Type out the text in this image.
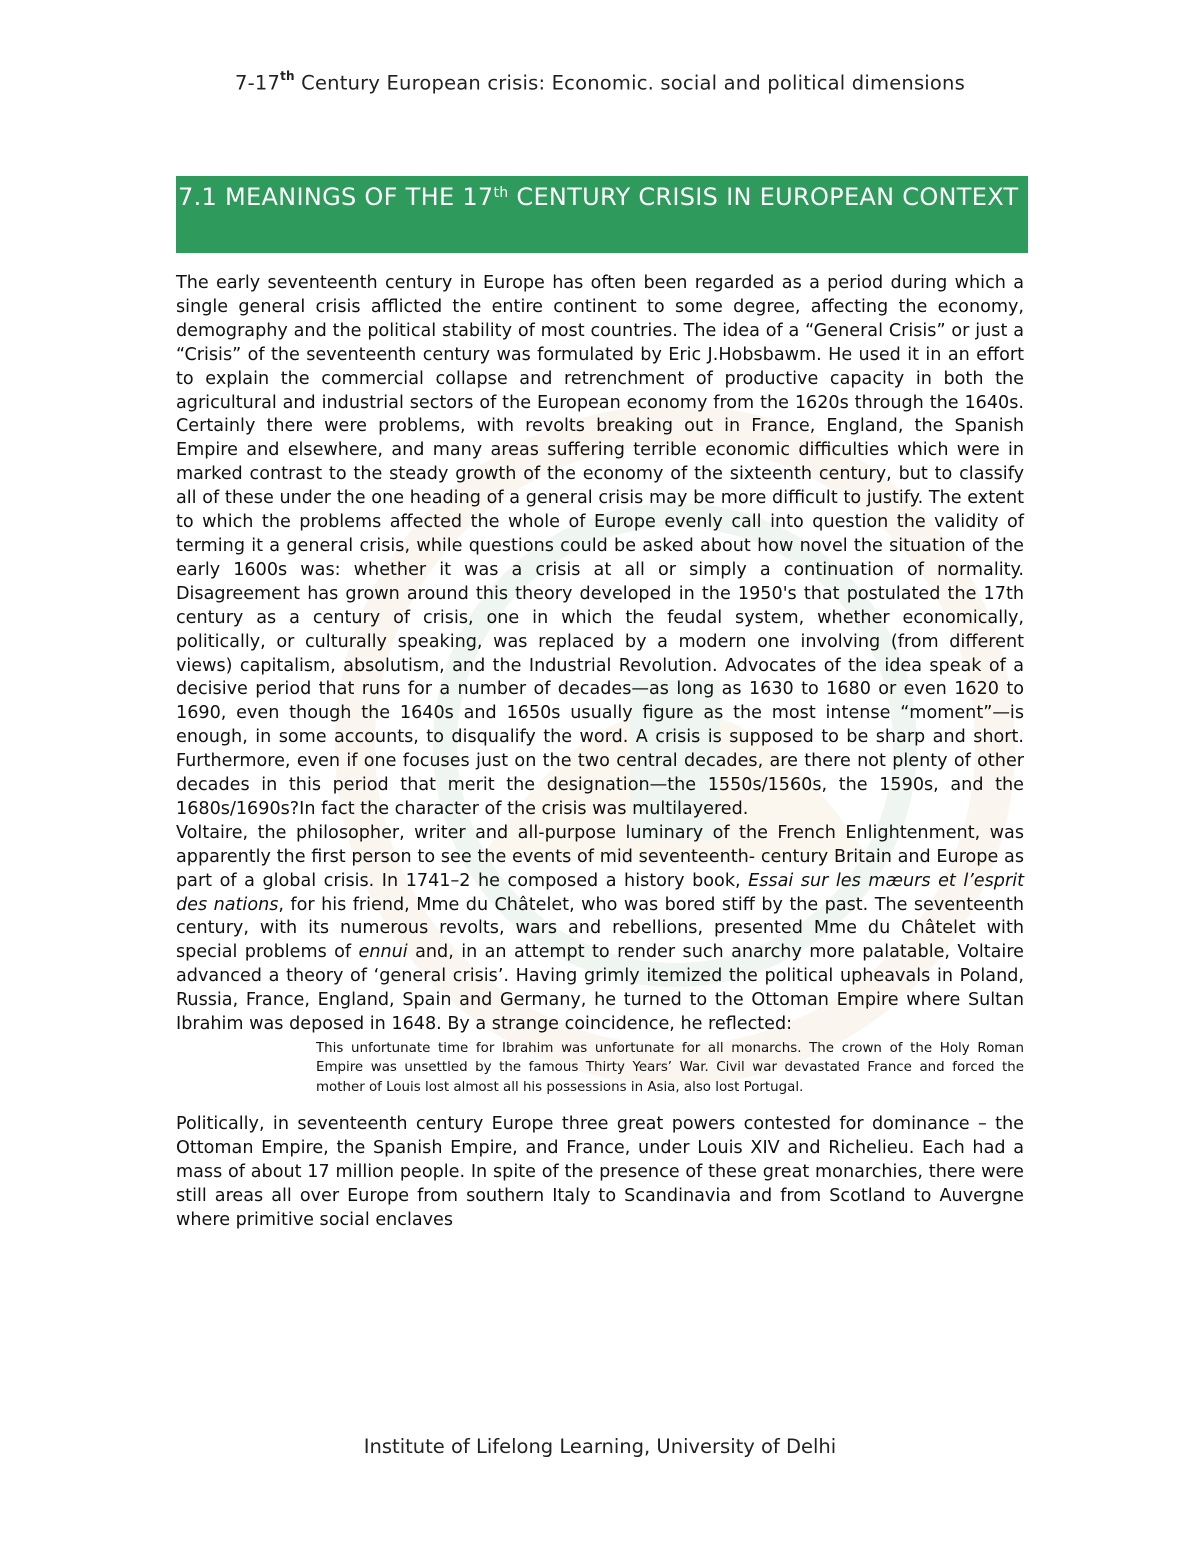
7-17th Century European crisis: Economic. social and political dimensions
7.1 MEANINGS OF THE 17th CENTURY CRISIS IN EUROPEAN CONTEXT

The early seventeenth century in Europe has often been regarded as a period during which a single general crisis afflicted the entire continent to some degree, affecting the economy, demography and the political stability of most countries. The idea of a “General Crisis” or just a “Crisis” of the seventeenth century was formulated by Eric J.Hobsbawm. He used it in an effort to explain the commercial collapse and retrenchment of productive capacity in both the agricultural and industrial sectors of the European economy from the 1620s through the 1640s. Certainly there were problems, with revolts breaking out in France, England, the Spanish Empire and elsewhere, and many areas suffering terrible economic difficulties which were in marked contrast to the steady growth of the economy of the sixteenth century, but to classify all of these under the one heading of a general crisis may be more difficult to justify. The extent to which the problems affected the whole of Europe evenly call into question the validity of terming it a general crisis, while questions could be asked about how novel the situation of the early 1600s was: whether it was a crisis at all or simply a continuation of normality. Disagreement has grown around this theory developed in the 1950's that postulated the 17th century as a century of crisis, one in which the feudal system, whether economically, politically, or culturally speaking, was replaced by a modern one involving (from different views) capitalism, absolutism, and the Industrial Revolution. Advocates of the idea speak of a decisive period that runs for a number of decades—as long as 1630 to 1680 or even 1620 to 1690, even though the 1640s and 1650s usually figure as the most intense “moment”—is enough, in some accounts, to disqualify the word. A crisis is supposed to be sharp and short. Furthermore, even if one focuses just on the two central decades, are there not plenty of other decades in this period that merit the designation—the 1550s/1560s, the 1590s, and the 1680s/1690s?In fact the character of the crisis was multilayered.

Voltaire, the philosopher, writer and all-purpose luminary of the French Enlightenment, was apparently the first person to see the events of mid seventeenth- century Britain and Europe as part of a global crisis. In 1741–2 he composed a history book, Essai sur les mæurs et l’esprit des nations, for his friend, Mme du Châtelet, who was bored stiff by the past. The seventeenth century, with its numerous revolts, wars and rebellions, presented Mme du Châtelet with special problems of ennui and, in an attempt to render such anarchy more palatable, Voltaire advanced a theory of ‘general crisis’. Having grimly itemized the political upheavals in Poland, Russia, France, England, Spain and Germany, he turned to the Ottoman Empire where Sultan Ibrahim was deposed in 1648. By a strange coincidence, he reflected:

This unfortunate time for Ibrahim was unfortunate for all monarchs. The crown of the Holy Roman Empire was unsettled by the famous Thirty Years’ War. Civil war devastated France and forced the mother of Louis lost almost all his possessions in Asia, also lost Portugal.

Politically, in seventeenth century Europe three great powers contested for dominance – the Ottoman Empire, the Spanish Empire, and France, under Louis XIV and Richelieu. Each had a mass of about 17 million people. In spite of the presence of these great monarchies, there were still areas all over Europe from southern Italy to Scandinavia and from Scotland to Auvergne where primitive social enclaves

Institute of Lifelong Learning, University of Delhi
